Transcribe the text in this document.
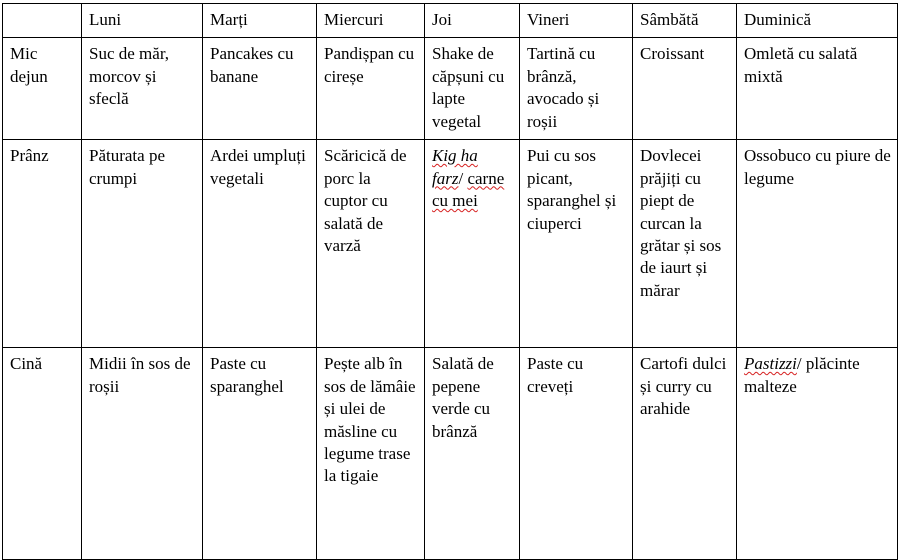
	Luni	Marți	Miercuri	Joi	Vineri	Sâmbătă	Duminică
Mic dejun	Suc de măr, morcov și sfeclă	Pancakes cu banane	Pandișpan cu cireșe	Shake de căpșuni cu lapte vegetal	Tartină cu brânză, avocado și roșii	Croissant	Omletă cu salată mixtă
Prânz	Păturata pe crumpi	Ardei umpluți vegetali	Scăricică de porc la cuptor cu salată de varză	Kig ha farz/ carne cu mei	Pui cu sos picant, sparanghel și ciuperci	Dovlecei prăjiți cu piept de curcan la grătar și sos de iaurt și mărar	Ossobuco cu piure de legume
Cină	Midii în sos de roșii	Paste cu sparanghel	Pește alb în sos de lămâie și ulei de măsline cu legume trase la tigaie	Salată de pepene verde cu brânză	Paste cu creveți	Cartofi dulci și curry cu arahide	Pastizzi/ plăcinte malteze
